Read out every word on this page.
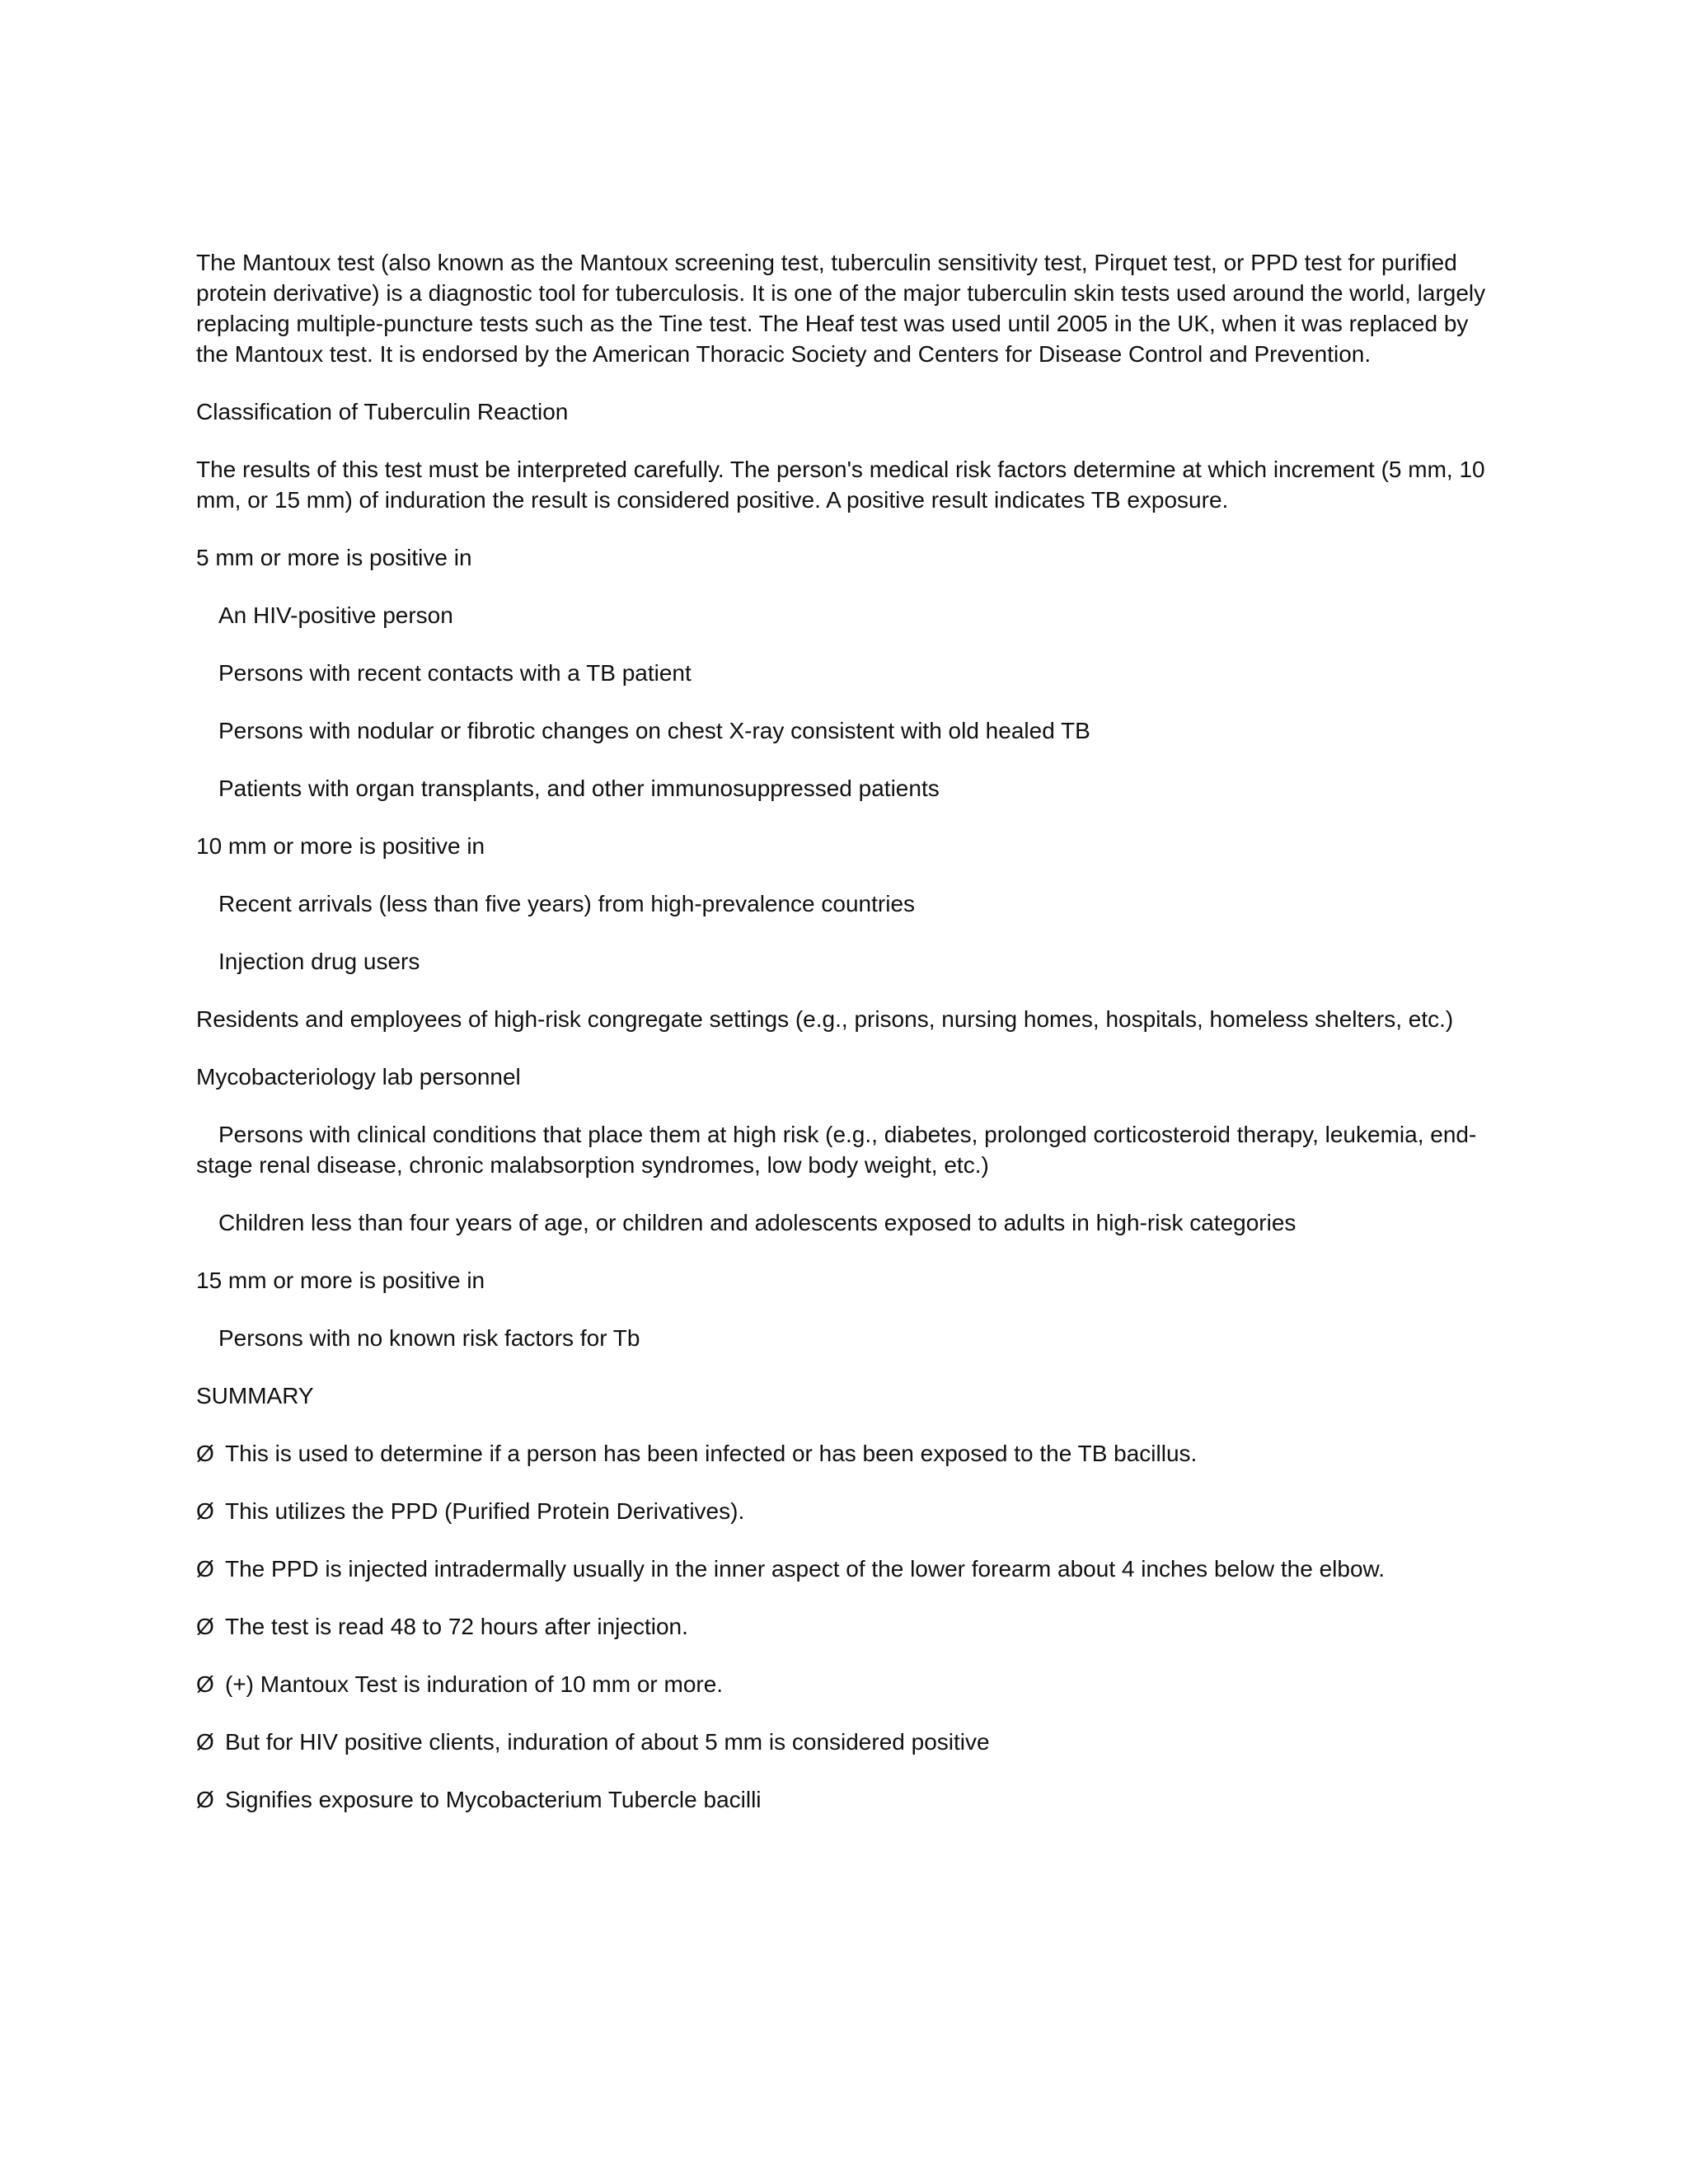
The Mantoux test (also known as the Mantoux screening test, tuberculin sensitivity test, Pirquet test, or PPD test for purified protein derivative) is a diagnostic tool for tuberculosis. It is one of the major tuberculin skin tests used around the world, largely replacing multiple-puncture tests such as the Tine test. The Heaf test was used until 2005 in the UK, when it was replaced by the Mantoux test. It is endorsed by the American Thoracic Society and Centers for Disease Control and Prevention.

Classification of Tuberculin Reaction

The results of this test must be interpreted carefully. The person's medical risk factors determine at which increment (5 mm, 10 mm, or 15 mm) of induration the result is considered positive. A positive result indicates TB exposure.

5 mm or more is positive in

An HIV-positive person

Persons with recent contacts with a TB patient

Persons with nodular or fibrotic changes on chest X-ray consistent with old healed TB

Patients with organ transplants, and other immunosuppressed patients

10 mm or more is positive in

Recent arrivals (less than five years) from high-prevalence countries

Injection drug users

Residents and employees of high-risk congregate settings (e.g., prisons, nursing homes, hospitals, homeless shelters, etc.)

Mycobacteriology lab personnel

Persons with clinical conditions that place them at high risk (e.g., diabetes, prolonged corticosteroid therapy, leukemia, end-stage renal disease, chronic malabsorption syndromes, low body weight, etc.)

Children less than four years of age, or children and adolescents exposed to adults in high-risk categories

15 mm or more is positive in

Persons with no known risk factors for Tb

SUMMARY

Ø This is used to determine if a person has been infected or has been exposed to the TB bacillus.
Ø This utilizes the PPD (Purified Protein Derivatives).
Ø The PPD is injected intradermally usually in the inner aspect of the lower forearm about 4 inches below the elbow.
Ø The test is read 48 to 72 hours after injection.
Ø (+) Mantoux Test is induration of 10 mm or more.
Ø But for HIV positive clients, induration of about 5 mm is considered positive
Ø Signifies exposure to Mycobacterium Tubercle bacilli
